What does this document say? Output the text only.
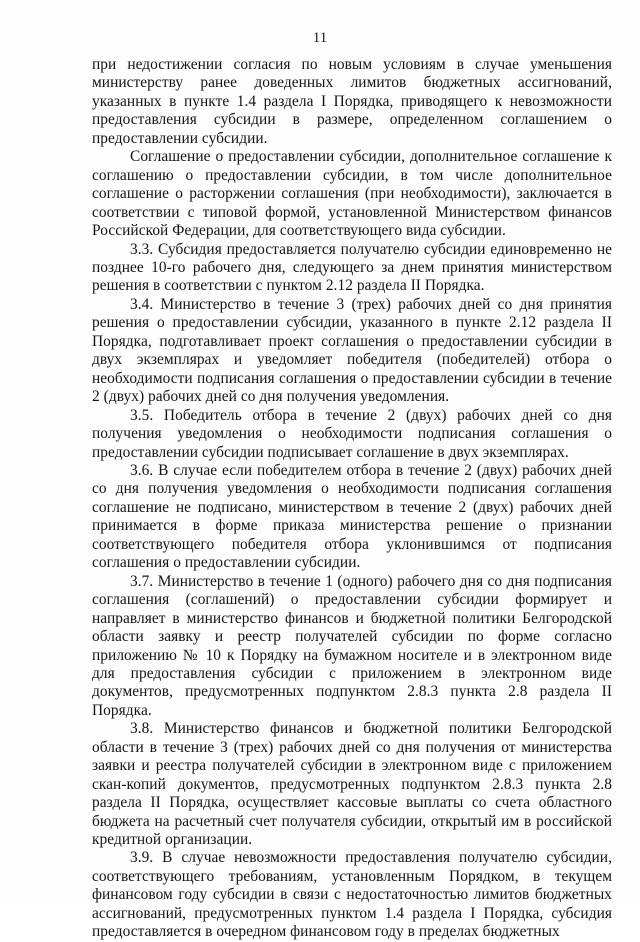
11

при недостижении согласия по новым условиям в случае уменьшения министерству ранее доведенных лимитов бюджетных ассигнований, указанных в пункте 1.4 раздела I Порядка, приводящего к невозможности предоставления субсидии в размере, определенном соглашением о предоставлении субсидии.

Соглашение о предоставлении субсидии, дополнительное соглашение к соглашению о предоставлении субсидии, в том числе дополнительное соглашение о расторжении соглашения (при необходимости), заключается в соответствии с типовой формой, установленной Министерством финансов Российской Федерации, для соответствующего вида субсидии.

3.3. Субсидия предоставляется получателю субсидии единовременно не позднее 10-го рабочего дня, следующего за днем принятия министерством решения в соответствии с пунктом 2.12 раздела II Порядка.

3.4. Министерство в течение 3 (трех) рабочих дней со дня принятия решения о предоставлении субсидии, указанного в пункте 2.12 раздела II Порядка, подготавливает проект соглашения о предоставлении субсидии в двух экземплярах и уведомляет победителя (победителей) отбора о необходимости подписания соглашения о предоставлении субсидии в течение 2 (двух) рабочих дней со дня получения уведомления.

3.5. Победитель отбора в течение 2 (двух) рабочих дней со дня получения уведомления о необходимости подписания соглашения о предоставлении субсидии подписывает соглашение в двух экземплярах.

3.6. В случае если победителем отбора в течение 2 (двух) рабочих дней со дня получения уведомления о необходимости подписания соглашения соглашение не подписано, министерством в течение 2 (двух) рабочих дней принимается в форме приказа министерства решение о признании соответствующего победителя отбора уклонившимся от подписания соглашения о предоставлении субсидии.

3.7. Министерство в течение 1 (одного) рабочего дня со дня подписания соглашения (соглашений) о предоставлении субсидии формирует и направляет в министерство финансов и бюджетной политики Белгородской области заявку и реестр получателей субсидии по форме согласно приложению № 10 к Порядку на бумажном носителе и в электронном виде для предоставления субсидии с приложением в электронном виде документов, предусмотренных подпунктом 2.8.3 пункта 2.8 раздела II Порядка.

3.8. Министерство финансов и бюджетной политики Белгородской области в течение 3 (трех) рабочих дней со дня получения от министерства заявки и реестра получателей субсидии в электронном виде с приложением скан-копий документов, предусмотренных подпунктом 2.8.3 пункта 2.8 раздела II Порядка, осуществляет кассовые выплаты со счета областного бюджета на расчетный счет получателя субсидии, открытый им в российской кредитной организации.

3.9. В случае невозможности предоставления получателю субсидии, соответствующего требованиям, установленным Порядком, в текущем финансовом году субсидии в связи с недостаточностью лимитов бюджетных ассигнований, предусмотренных пунктом 1.4 раздела I Порядка, субсидия предоставляется в очередном финансовом году в пределах бюджетных
